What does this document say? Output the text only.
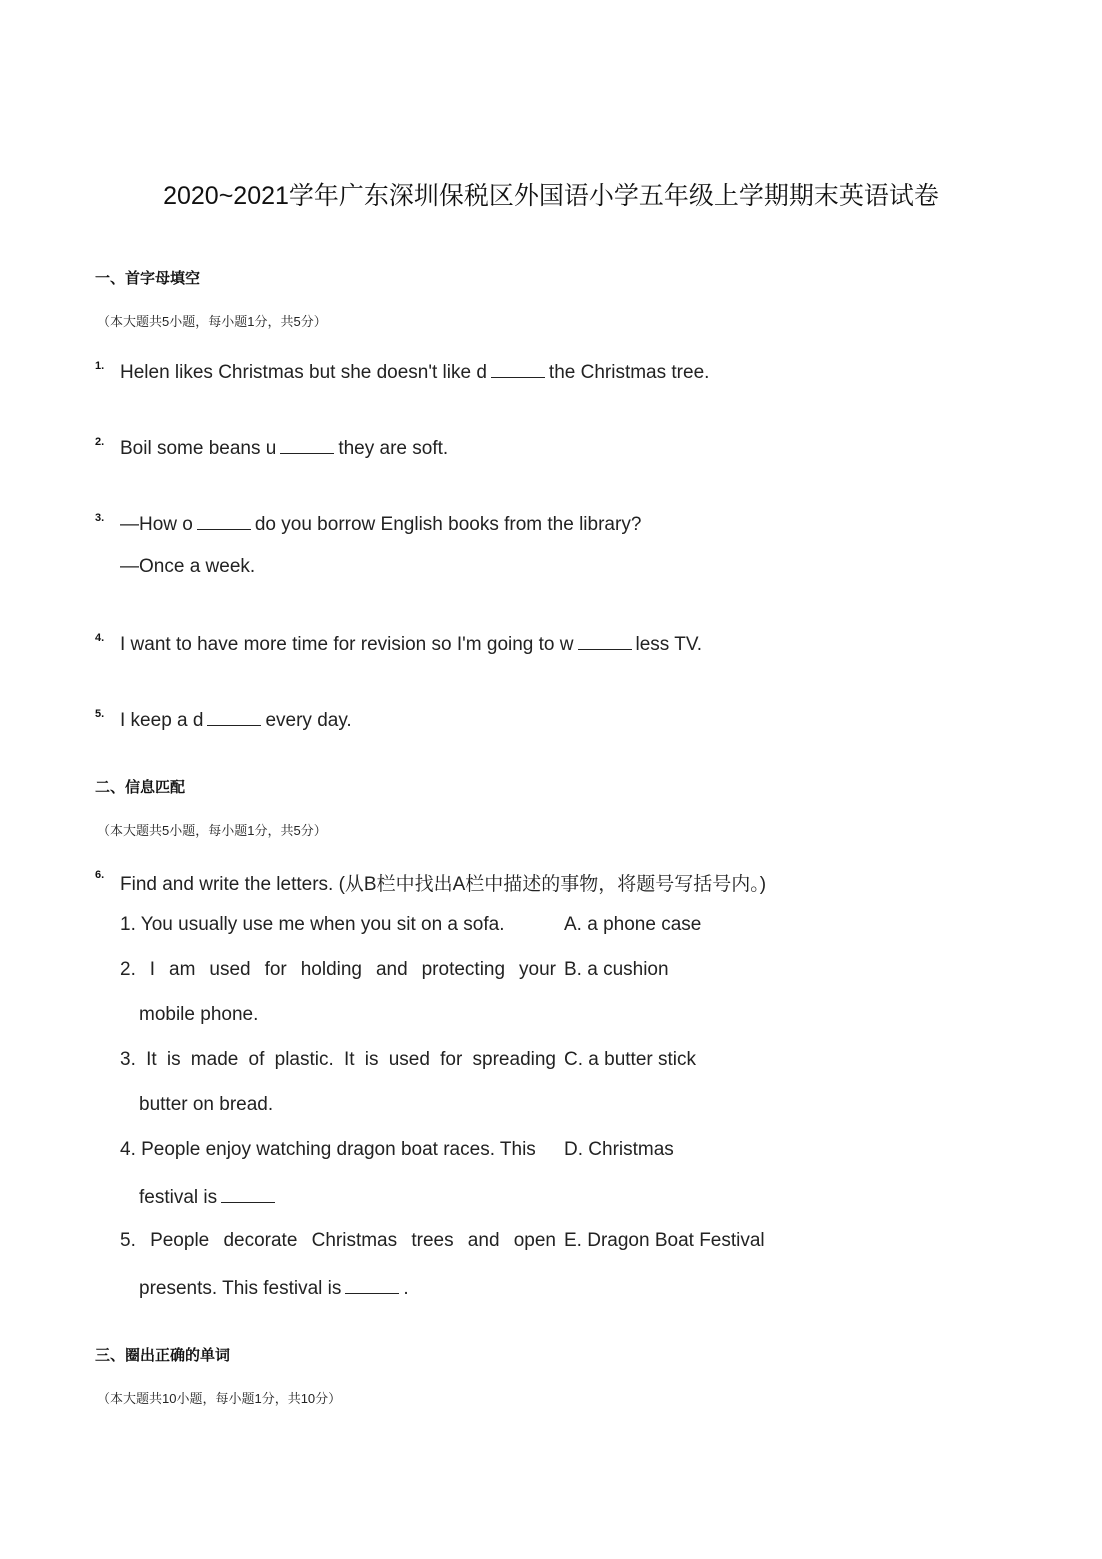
2020~2021学年广东深圳保税区外国语小学五年级上学期期末英语试卷
一、首字母填空
（本大题共5小题，每小题1分，共5分）
1. Helen likes Christmas but she doesn't like d	the Christmas tree.
2. Boil some beans u	they are soft.
3. —How o	do you borrow English books from the library?
—Once a week.
4. I want to have more time for revision so I'm going to w	less TV.
5. I keep a d	every day.
二、信息匹配
（本大题共5小题，每小题1分，共5分）
6. Find and write the letters. (从B栏中找出A栏中描述的事物，将题号写括号内。)
1. You usually use me when you sit on a sofa.	A. a phone case
2. I am used for holding and protecting your B. a cushion
mobile phone.
3. It is made of plastic. It is used for spreading C. a butter stick
butter on bread.
4. People enjoy watching dragon boat races. This	D. Christmas
festival is
5. People decorate Christmas trees and open E. Dragon Boat Festival
presents. This festival is	.
三、圈出正确的单词
（本大题共10小题，每小题1分，共10分）
